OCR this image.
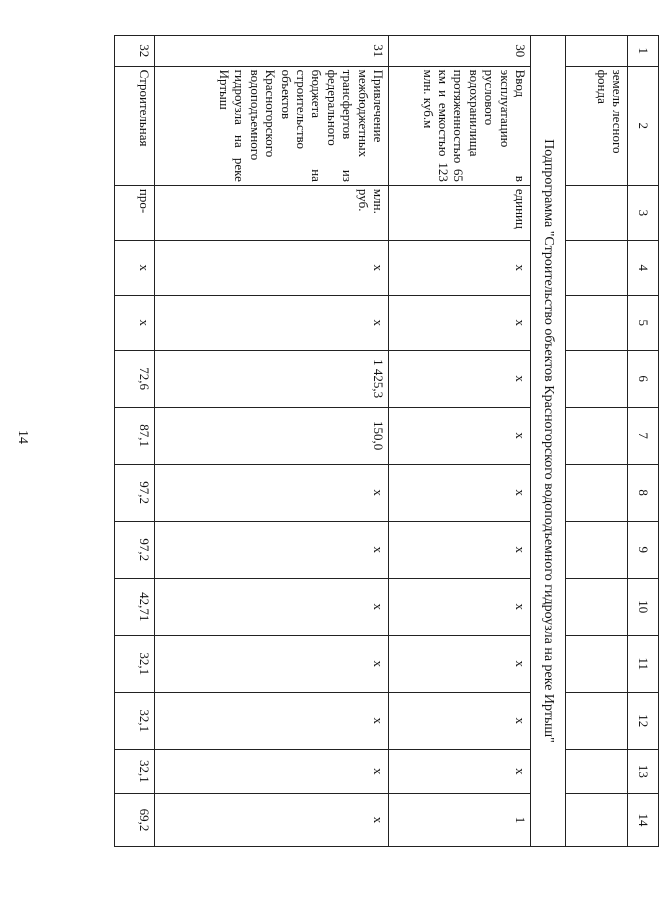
14
1	2	3	4	5	6	7	8	9	10	11	12	13	14
	земель лесного фонда												
Подпрограмма "Строительство объектов Красногорского водоподъемного гидроузла на реке Иртыш"													
30	Ввод в эксплуатацию руслового водохранилища протяженностью 65 км и емкостью 123 млн. куб.м	единиц	х	х	х	х	х	х	х	х	х	х	1
31	Привлечение межбюджетных трансфертов из федерального бюджета на строительство объектов Красногорского водоподъемного гидроузла на реке Иртыш	млн. руб.	х	х	1 425,3	150,0	х	х	х	х	х	х	х
32	Строительная	про-	х	х	72,6	87,1	97,2	97,2	42,71	32,1	32,1	32,1	69,2
